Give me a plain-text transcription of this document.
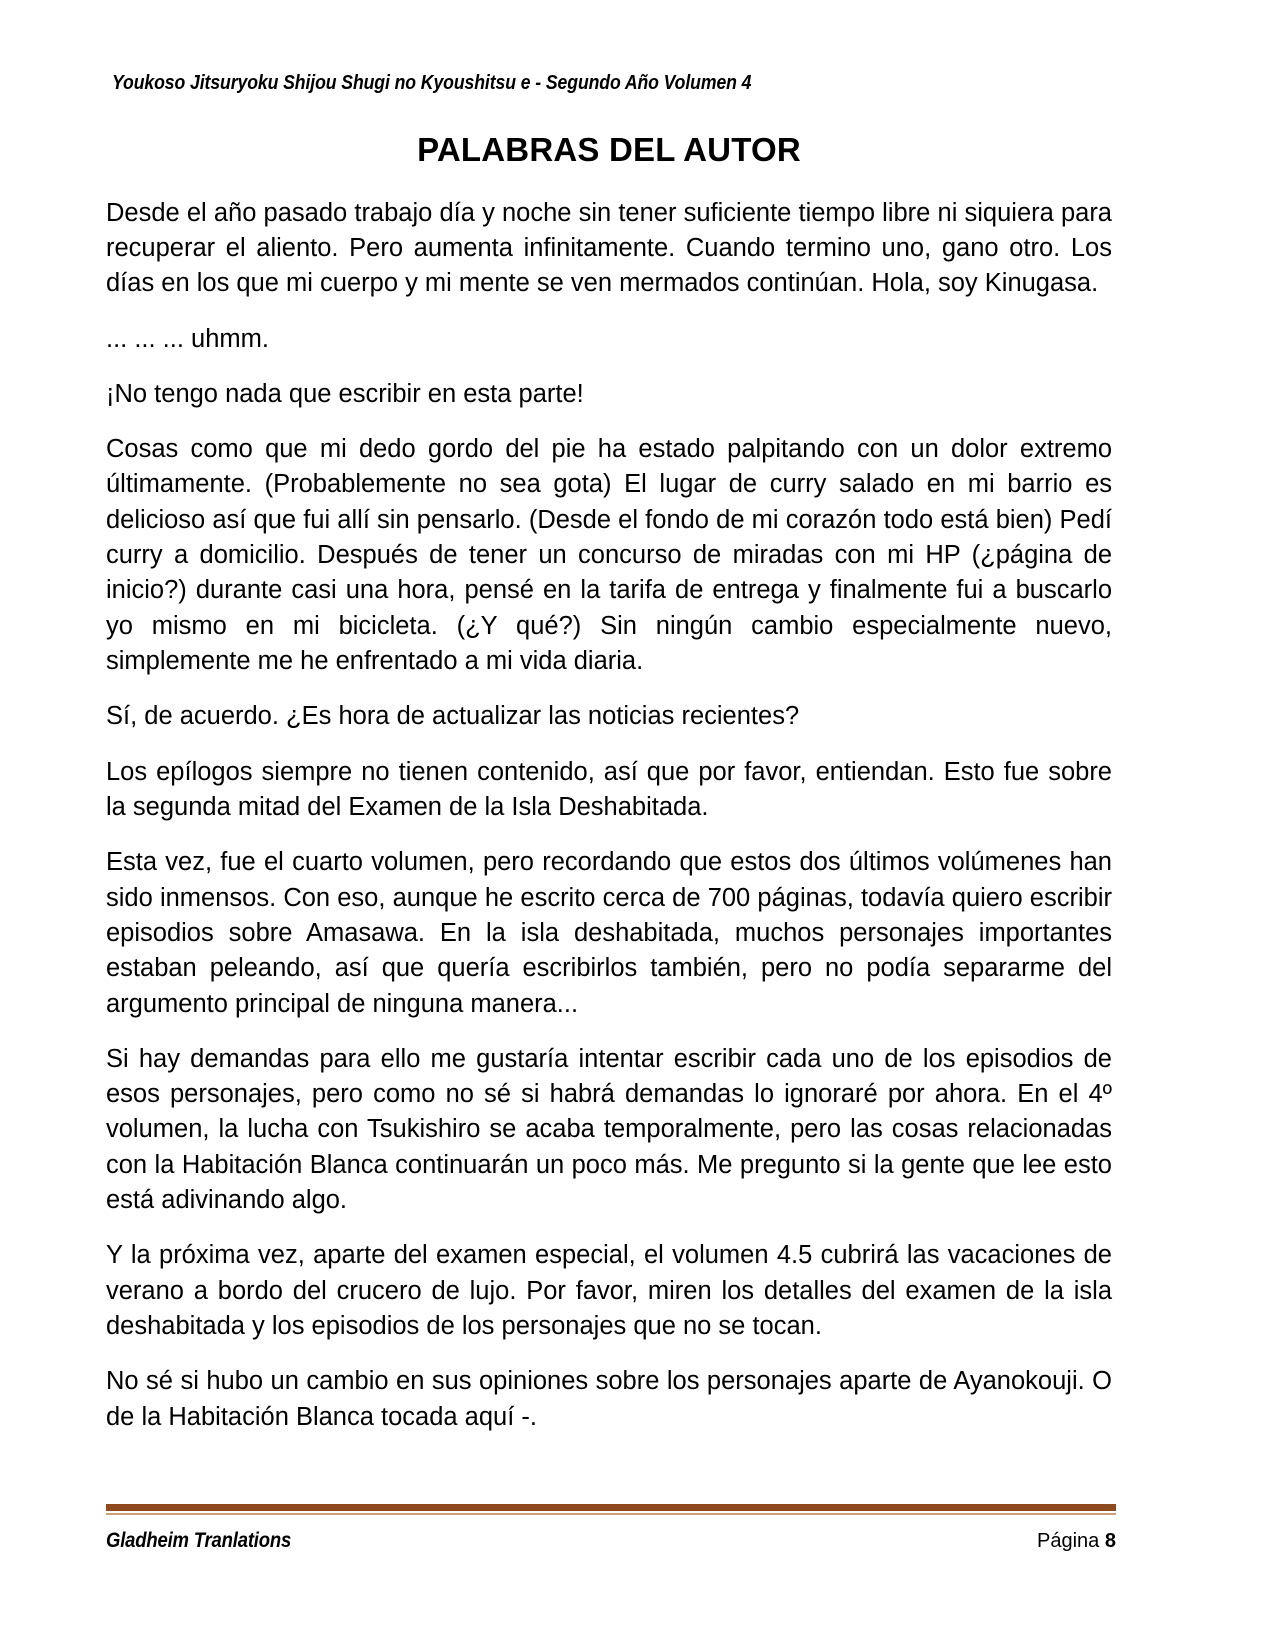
Youkoso Jitsuryoku Shijou Shugi no Kyoushitsu e - Segundo Año Volumen 4
PALABRAS DEL AUTOR

Desde el año pasado trabajo día y noche sin tener suficiente tiempo libre ni siquiera para recuperar el aliento. Pero aumenta infinitamente. Cuando termino uno, gano otro. Los días en los que mi cuerpo y mi mente se ven mermados continúan. Hola, soy Kinugasa.

... ... ... uhmm.

¡No tengo nada que escribir en esta parte!

Cosas como que mi dedo gordo del pie ha estado palpitando con un dolor extremo últimamente. (Probablemente no sea gota) El lugar de curry salado en mi barrio es delicioso así que fui allí sin pensarlo. (Desde el fondo de mi corazón todo está bien) Pedí curry a domicilio. Después de tener un concurso de miradas con mi HP (¿página de inicio?) durante casi una hora, pensé en la tarifa de entrega y finalmente fui a buscarlo yo mismo en mi bicicleta. (¿Y qué?) Sin ningún cambio especialmente nuevo, simplemente me he enfrentado a mi vida diaria.

Sí, de acuerdo. ¿Es hora de actualizar las noticias recientes?

Los epílogos siempre no tienen contenido, así que por favor, entiendan. Esto fue sobre la segunda mitad del Examen de la Isla Deshabitada.

Esta vez, fue el cuarto volumen, pero recordando que estos dos últimos volúmenes han sido inmensos. Con eso, aunque he escrito cerca de 700 páginas, todavía quiero escribir episodios sobre Amasawa. En la isla deshabitada, muchos personajes importantes estaban peleando, así que quería escribirlos también, pero no podía separarme del argumento principal de ninguna manera...

Si hay demandas para ello me gustaría intentar escribir cada uno de los episodios de esos personajes, pero como no sé si habrá demandas lo ignoraré por ahora. En el 4º volumen, la lucha con Tsukishiro se acaba temporalmente, pero las cosas relacionadas con la Habitación Blanca continuarán un poco más. Me pregunto si la gente que lee esto está adivinando algo.

Y la próxima vez, aparte del examen especial, el volumen 4.5 cubrirá las vacaciones de verano a bordo del crucero de lujo. Por favor, miren los detalles del examen de la isla deshabitada y los episodios de los personajes que no se tocan.

No sé si hubo un cambio en sus opiniones sobre los personajes aparte de Ayanokouji. O de la Habitación Blanca tocada aquí -.

Gladheim Tranlations	Página 8
